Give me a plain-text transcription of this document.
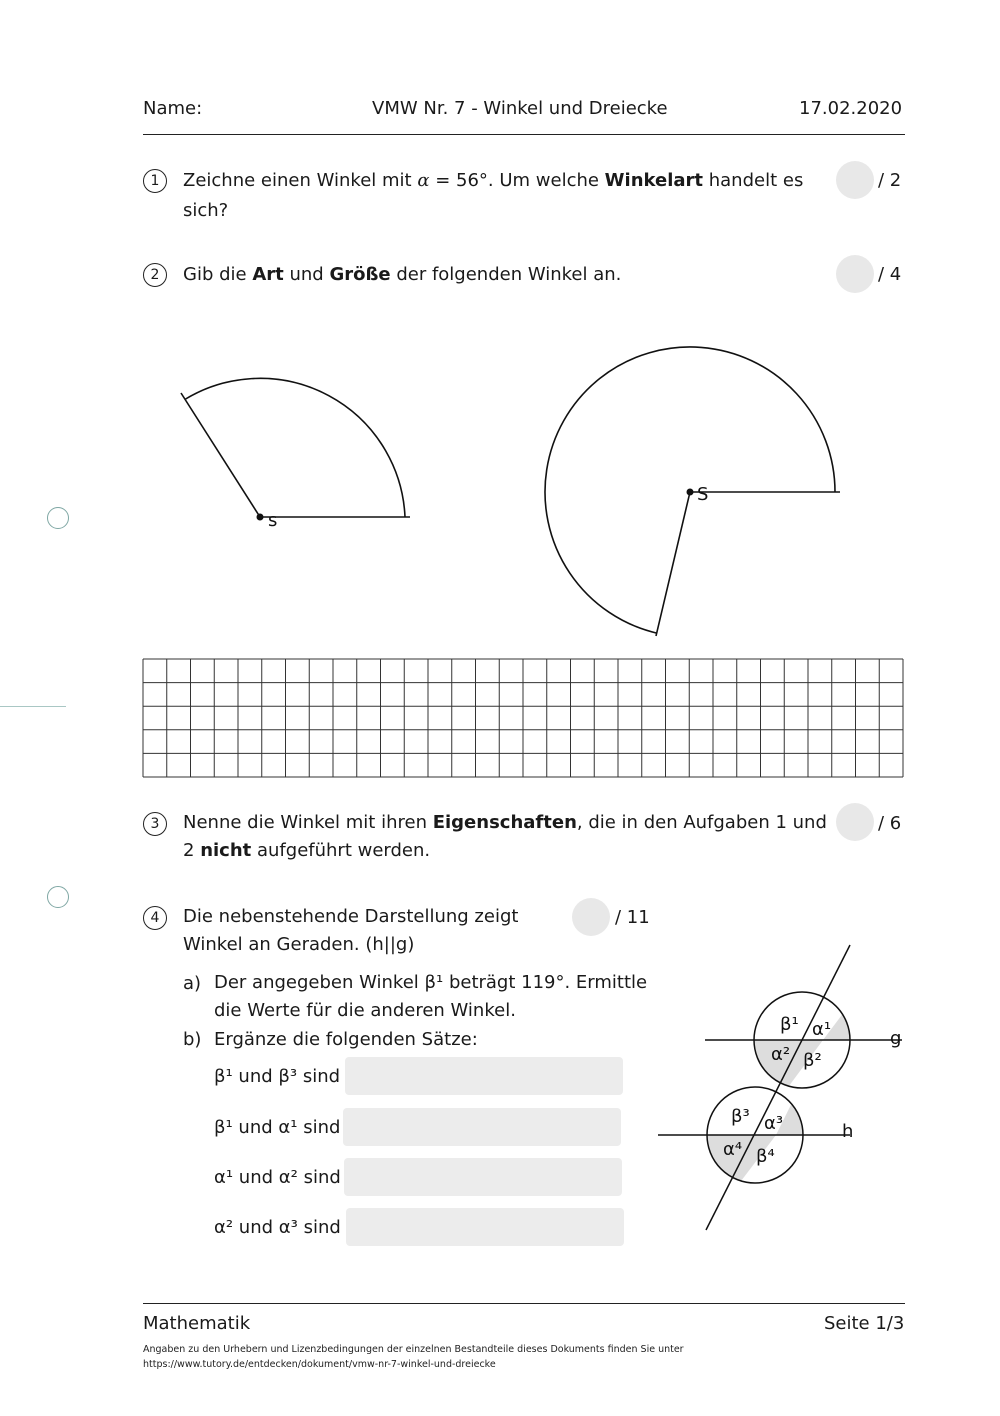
Name:	VMW Nr. 7 - Winkel und Dreiecke	17.02.2020
1	Zeichne einen Winkel mit α = 56°. Um welche Winkelart handelt es
sich?
/ 2
2	Gib die Art und Größe der folgenden Winkel an.	/ 4
s
S
3	Nenne die Winkel mit ihren Eigenschaften, die in den Aufgaben 1 und
2 nicht aufgeführt werden.
/ 6
4	Die nebenstehende Darstellung zeigt
Winkel an Geraden. (h||g)
/ 11
a) Der angegeben Winkel β¹ beträgt 119°. Ermittle
die Werte für die anderen Winkel.
b) Ergänze die folgenden Sätze:
β¹ und β³ sind
β¹ und α¹ sind
α¹ und α² sind
α² und α³ sind
β¹ α¹
α² β²
β³ α³
α⁴ β⁴
g
h
Mathematik	Seite 1/3
Angaben zu den Urhebern und Lizenzbedingungen der einzelnen Bestandteile dieses Dokuments finden Sie unter
https://www.tutory.de/entdecken/dokument/vmw-nr-7-winkel-und-dreiecke
